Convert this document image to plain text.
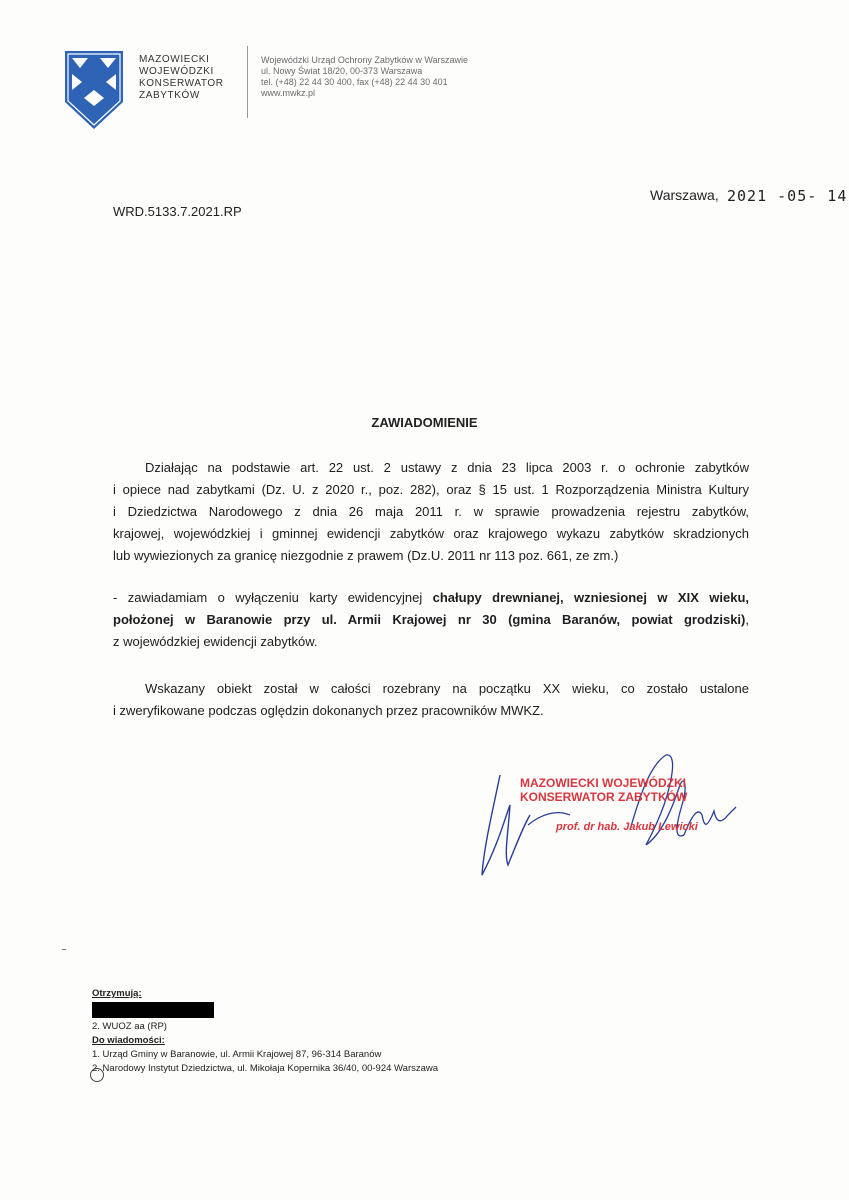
MAZOWIECKI
WOJEWÓDZKI
KONSERWATOR
ZABYTKÓW
Wojewódzki Urząd Ochrony Zabytków w Warszawie
ul. Nowy Świat 18/20, 00-373 Warszawa
tel. (+48) 22 44 30 400, fax (+48) 22 44 30 401
www.mwkz.pl
WRD.5133.7.2021.RP
Warszawa, 2021 -05- 14
ZAWIADOMIENIE
Działając na podstawie art. 22 ust. 2 ustawy z dnia 23 lipca 2003 r. o ochronie zabytków
i opiece nad zabytkami (Dz. U. z 2020 r., poz. 282), oraz § 15 ust. 1 Rozporządzenia Ministra Kultury
i Dziedzictwa Narodowego z dnia 26 maja 2011 r. w sprawie prowadzenia rejestru zabytków,
krajowej, wojewódzkiej i gminnej ewidencji zabytków oraz krajowego wykazu zabytków skradzionych
lub wywiezionych za granicę niezgodnie z prawem (Dz.U. 2011 nr 113 poz. 661, ze zm.)
- zawiadamiam o wyłączeniu karty ewidencyjnej chałupy drewnianej, wzniesionej w XIX wieku,
położonej w Baranowie przy ul. Armii Krajowej nr 30 (gmina Baranów, powiat grodziski),
z wojewódzkiej ewidencji zabytków.
Wskazany obiekt został w całości rozebrany na początku XX wieku, co zostało ustalone
i zweryfikowane podczas oględzin dokonanych przez pracowników MWKZ.
MAZOWIECKI WOJEWÓDZKI
KONSERWATOR ZABYTKÓW
prof. dr hab. Jakub Lewicki
Otrzymują:
2. WUOZ aa (RP)
Do wiadomości:
1. Urząd Gminy w Baranowie, ul. Armii Krajowej 87, 96-314 Baranów
2. Narodowy Instytut Dziedzictwa, ul. Mikołaja Kopernika 36/40, 00-924 Warszawa
